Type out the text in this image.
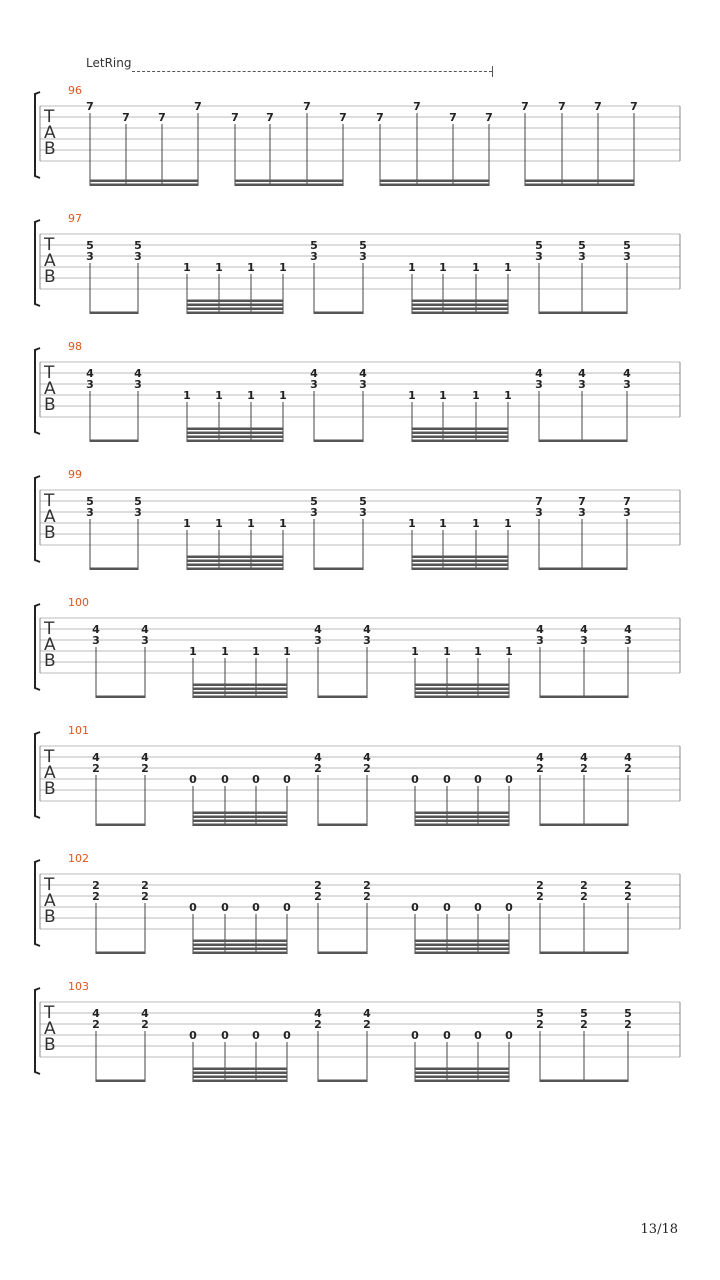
LetRing
96
T
A
B
7
7	7
7
7 7
7
7	7
7
7	7
7	7	7	7
97
T
A
B
5
3
5
3
1 1 1 1
5
3
5
3
1 1 1 1
5
3
5
3
5
3
98
T
A
B
4
3
4
3
1 1 1 1
4
3
4
3
1 1 1 1
4
3
4
3
4
3
99
T
A
B
5
3
5
3
1 1 1 1
5
3
5
3
1 1 1 1
7
3
7
3
7
3
100
T
A
B
4
3
4
3
1 1 1 1
4
3
4
3
1 1 1 1
4
3
4
3
4
3
101
T
A
B
4
2
4
2
0 0 0 0
4
2
4
2
0 0 0 0
4
2
4
2
4
2
102
T
A
B
2
2
2
2
0 0 0 0
2
2
2
2
0 0 0 0
2
2
2
2
2
2
103
T
A
B
4
2
4
2
0 0 0 0
4
2
4
2
0 0 0 0
5
2
5
2
5
2
13/18
